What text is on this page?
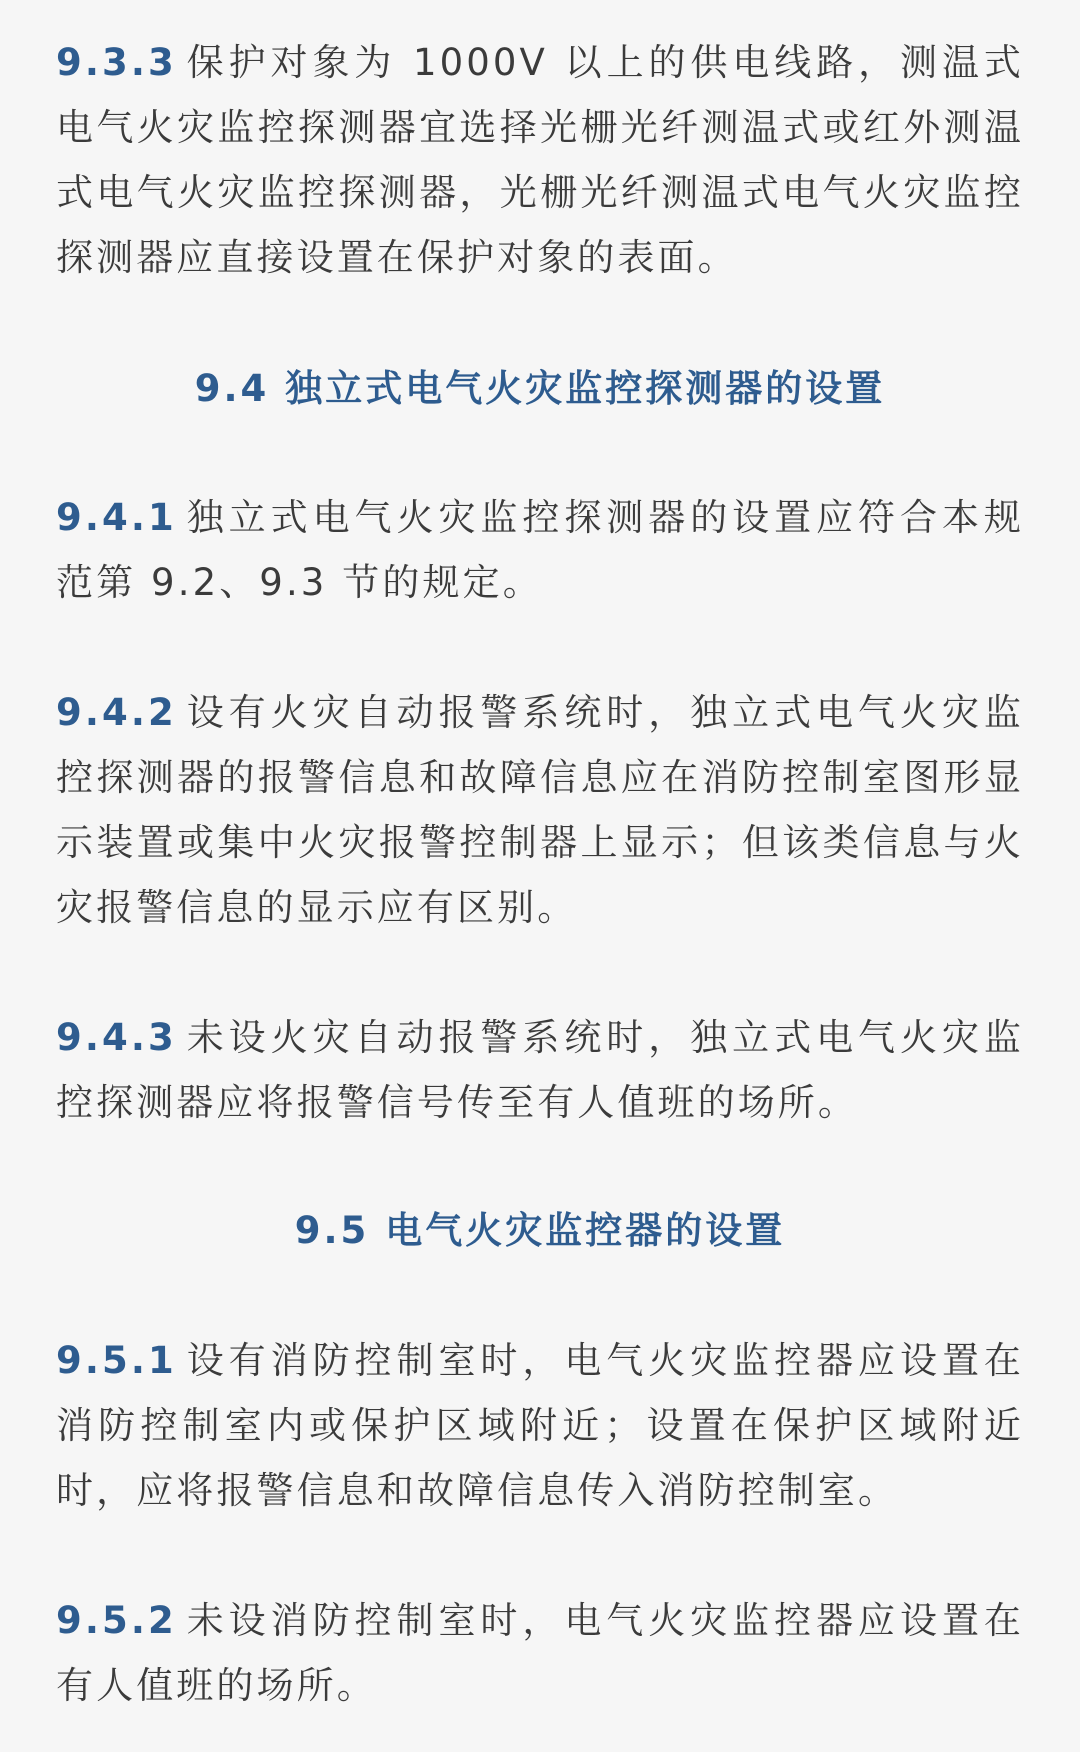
9.3.3 保护对象为 1000V 以上的供电线路，测温式电气火灾监控探测器宜选择光栅光纤测温式或红外测温式电气火灾监控探测器，光栅光纤测温式电气火灾监控探测器应直接设置在保护对象的表面。

9.4 独立式电气火灾监控探测器的设置

9.4.1 独立式电气火灾监控探测器的设置应符合本规范第 9.2、9.3 节的规定。

9.4.2 设有火灾自动报警系统时，独立式电气火灾监控探测器的报警信息和故障信息应在消防控制室图形显示装置或集中火灾报警控制器上显示；但该类信息与火灾报警信息的显示应有区别。

9.4.3 未设火灾自动报警系统时，独立式电气火灾监控探测器应将报警信号传至有人值班的场所。

9.5 电气火灾监控器的设置

9.5.1 设有消防控制室时，电气火灾监控器应设置在消防控制室内或保护区域附近；设置在保护区域附近时，应将报警信息和故障信息传入消防控制室。

9.5.2 未设消防控制室时，电气火灾监控器应设置在有人值班的场所。
